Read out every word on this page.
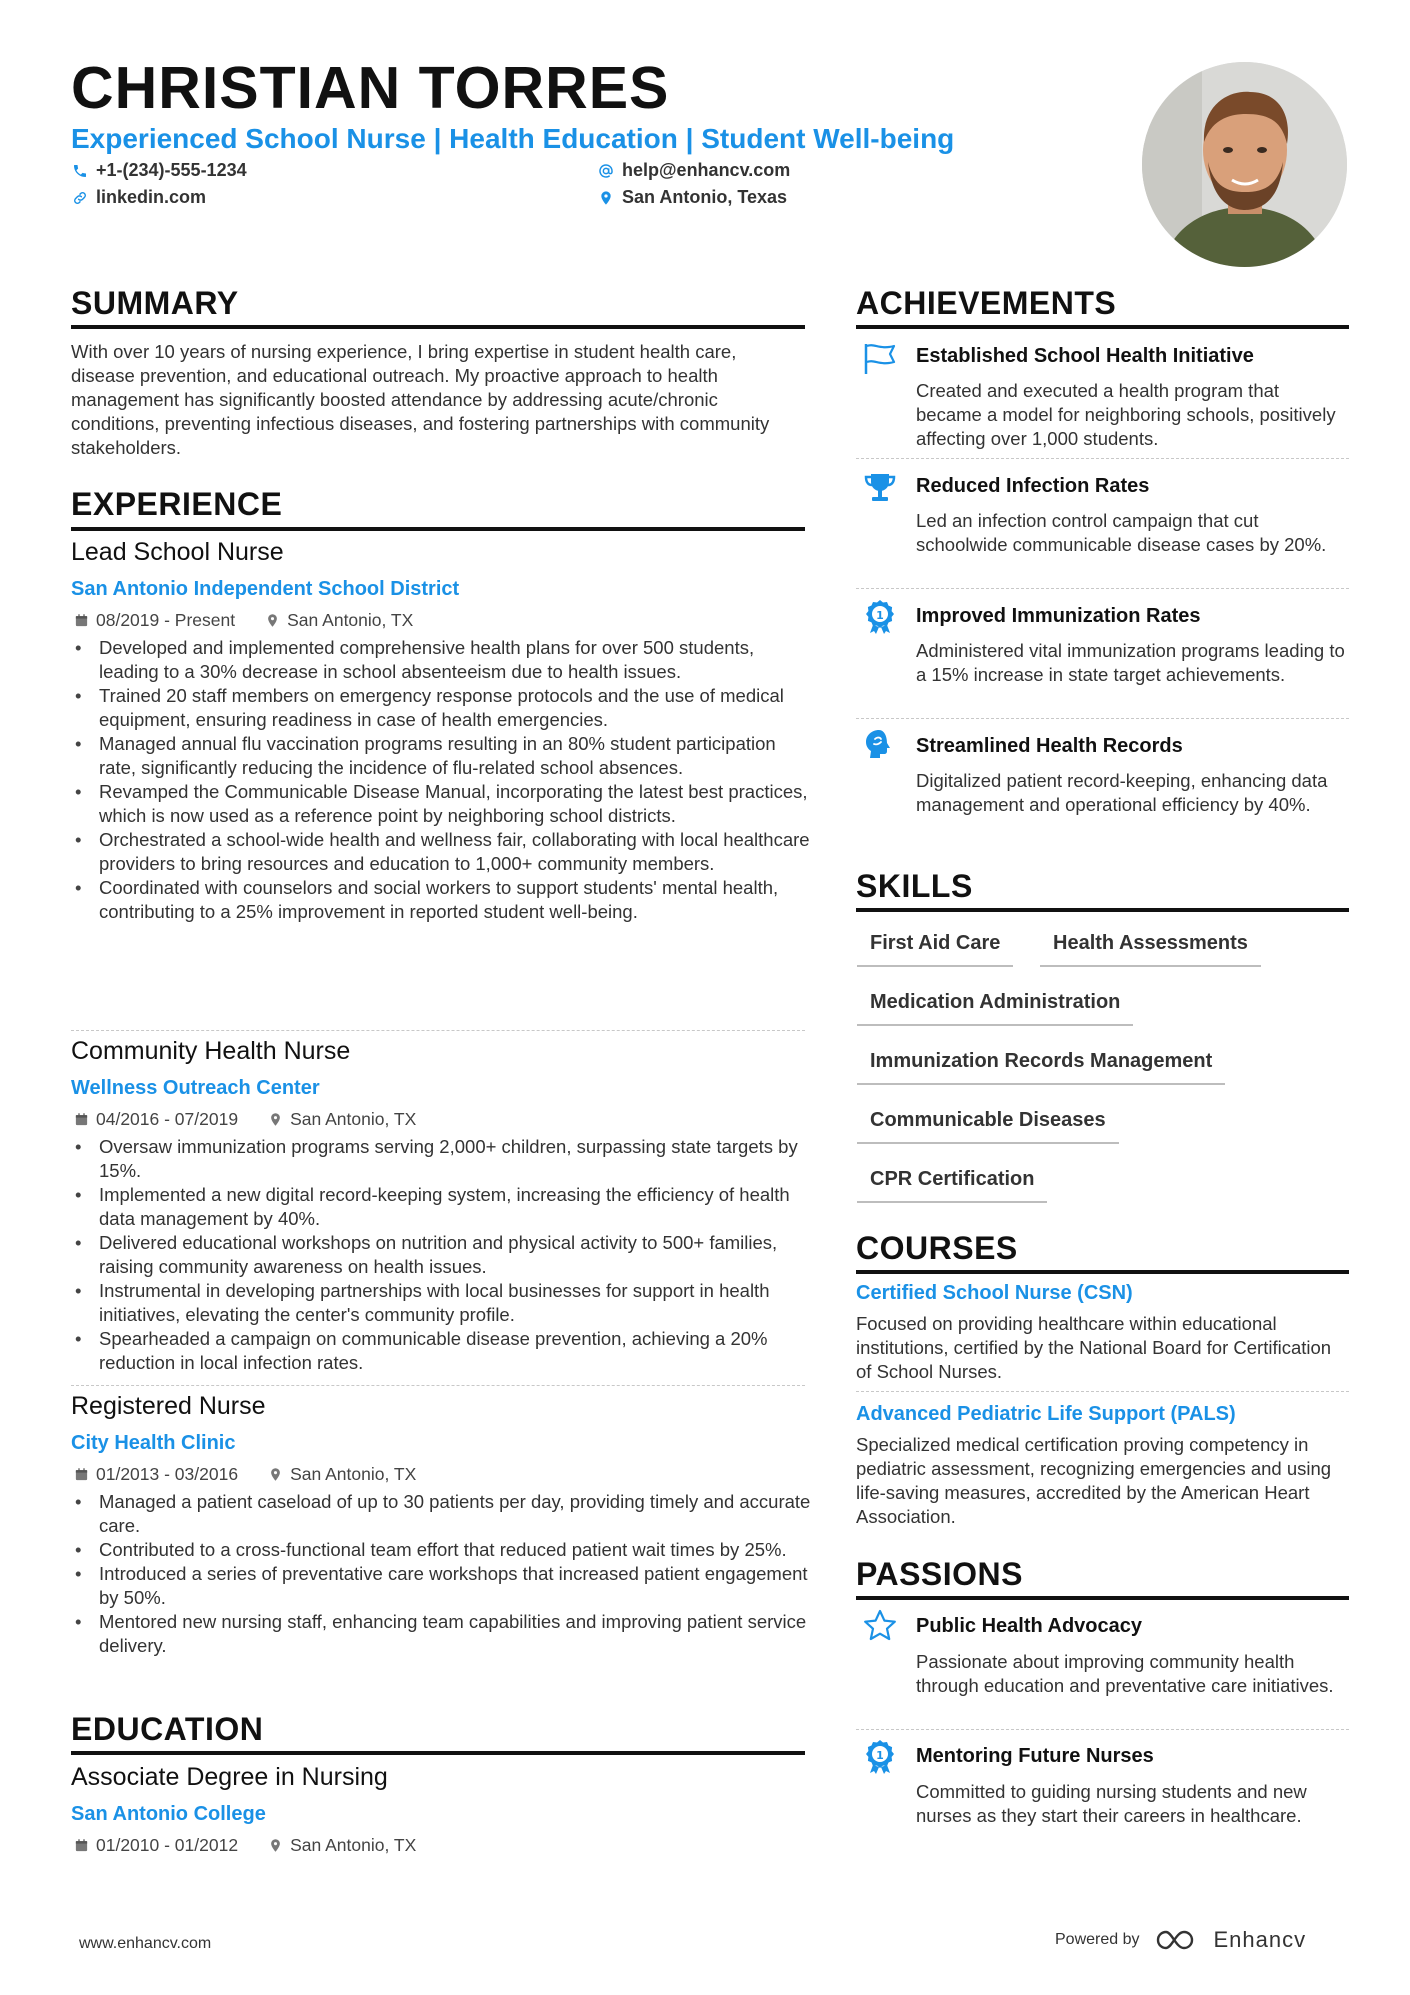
CHRISTIAN TORRES
Experienced School Nurse | Health Education | Student Well-being
+1-(234)-555-1234	help@enhancv.com
linkedin.com	San Antonio, Texas
SUMMARY
With over 10 years of nursing experience, I bring expertise in student health care, disease prevention, and educational outreach. My proactive approach to health management has significantly boosted attendance by addressing acute/chronic conditions, preventing infectious diseases, and fostering partnerships with community stakeholders.
EXPERIENCE
Lead School Nurse
San Antonio Independent School District
08/2019 - Present	San Antonio, TX
• Developed and implemented comprehensive health plans for over 500 students, leading to a 30% decrease in school absenteeism due to health issues.
• Trained 20 staff members on emergency response protocols and the use of medical equipment, ensuring readiness in case of health emergencies.
• Managed annual flu vaccination programs resulting in an 80% student participation rate, significantly reducing the incidence of flu-related school absences.
• Revamped the Communicable Disease Manual, incorporating the latest best practices, which is now used as a reference point by neighboring school districts.
• Orchestrated a school-wide health and wellness fair, collaborating with local healthcare providers to bring resources and education to 1,000+ community members.
• Coordinated with counselors and social workers to support students' mental health, contributing to a 25% improvement in reported student well-being.
Community Health Nurse
Wellness Outreach Center
04/2016 - 07/2019	San Antonio, TX
• Oversaw immunization programs serving 2,000+ children, surpassing state targets by 15%.
• Implemented a new digital record-keeping system, increasing the efficiency of health data management by 40%.
• Delivered educational workshops on nutrition and physical activity to 500+ families, raising community awareness on health issues.
• Instrumental in developing partnerships with local businesses for support in health initiatives, elevating the center's community profile.
• Spearheaded a campaign on communicable disease prevention, achieving a 20% reduction in local infection rates.
Registered Nurse
City Health Clinic
01/2013 - 03/2016	San Antonio, TX
• Managed a patient caseload of up to 30 patients per day, providing timely and accurate care.
• Contributed to a cross-functional team effort that reduced patient wait times by 25%.
• Introduced a series of preventative care workshops that increased patient engagement by 50%.
• Mentored new nursing staff, enhancing team capabilities and improving patient service delivery.
EDUCATION
Associate Degree in Nursing
San Antonio College
01/2010 - 01/2012	San Antonio, TX
ACHIEVEMENTS
Established School Health Initiative
Created and executed a health program that became a model for neighboring schools, positively affecting over 1,000 students.
Reduced Infection Rates
Led an infection control campaign that cut schoolwide communicable disease cases by 20%.
1 Improved Immunization Rates
Administered vital immunization programs leading to a 15% increase in state target achievements.
Streamlined Health Records
Digitalized patient record-keeping, enhancing data management and operational efficiency by 40%.
SKILLS
First Aid Care	Health Assessments
Medication Administration
Immunization Records Management
Communicable Diseases
CPR Certification
COURSES
Certified School Nurse (CSN)
Focused on providing healthcare within educational institutions, certified by the National Board for Certification of School Nurses.
Advanced Pediatric Life Support (PALS)
Specialized medical certification proving competency in pediatric assessment, recognizing emergencies and using life-saving measures, accredited by the American Heart Association.
PASSIONS
Public Health Advocacy
Passionate about improving community health through education and preventative care initiatives.
1 Mentoring Future Nurses
Committed to guiding nursing students and new nurses as they start their careers in healthcare.
www.enhancv.com	Powered by	Enhancv
